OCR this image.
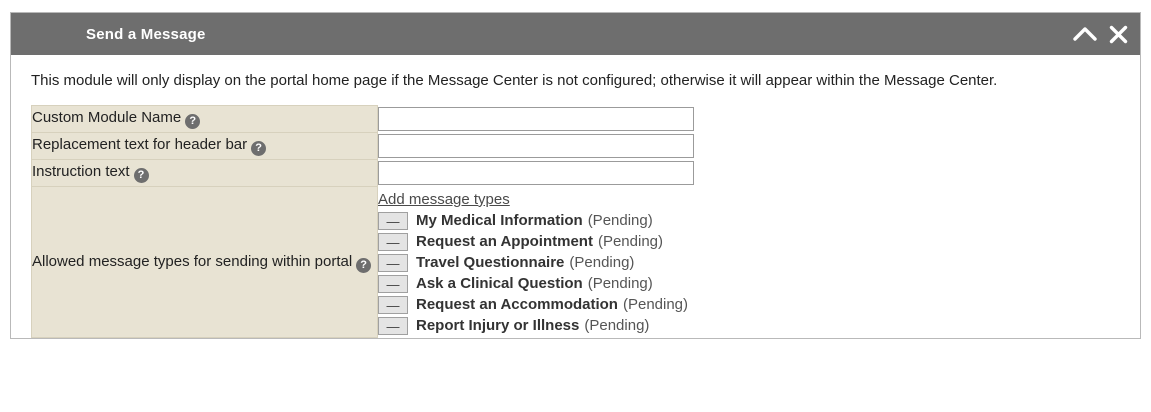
Send a Message

This module will only display on the portal home page if the Message Center is not configured; otherwise it will appear within the Message Center.

Custom Module Name ?	
Replacement text for header bar ?	
Instruction text ?	
Allowed message types for sending within portal ?	Add message types
—	My Medical Information (Pending)
—	Request an Appointment (Pending)
—	Travel Questionnaire (Pending)
—	Ask a Clinical Question (Pending)
—	Request an Accommodation (Pending)
—	Report Injury or Illness (Pending)
